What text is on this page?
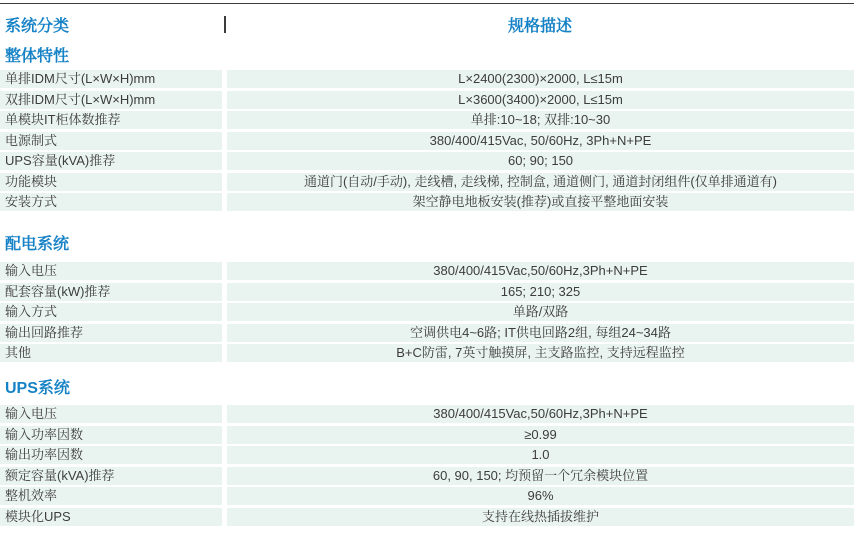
系统分类	规格描述
整体特性
单排IDM尺寸(L×W×H)mm	L×2400(2300)×2000, L≤15m
双排IDM尺寸(L×W×H)mm	L×3600(3400)×2000, L≤15m
单模块IT柜体数推荐	单排:10~18; 双排:10~30
电源制式	380/400/415Vac, 50/60Hz, 3Ph+N+PE
UPS容量(kVA)推荐	60; 90; 150
功能模块	通道门(自动/手动), 走线槽, 走线梯, 控制盒, 通道侧门, 通道封闭组件(仅单排通道有)
安装方式	架空静电地板安装(推荐)或直接平整地面安装
配电系统
输入电压	380/400/415Vac,50/60Hz,3Ph+N+PE
配套容量(kW)推荐	165; 210; 325
输入方式	单路/双路
输出回路推荐	空调供电4~6路; IT供电回路2组, 每组24~34路
其他	B+C防雷, 7英寸触摸屏, 主支路监控, 支持远程监控
UPS系统
输入电压	380/400/415Vac,50/60Hz,3Ph+N+PE
输入功率因数	≥0.99
输出功率因数	1.0
额定容量(kVA)推荐	60, 90, 150; 均预留一个冗余模块位置
整机效率	96%
模块化UPS	支持在线热插拔维护
